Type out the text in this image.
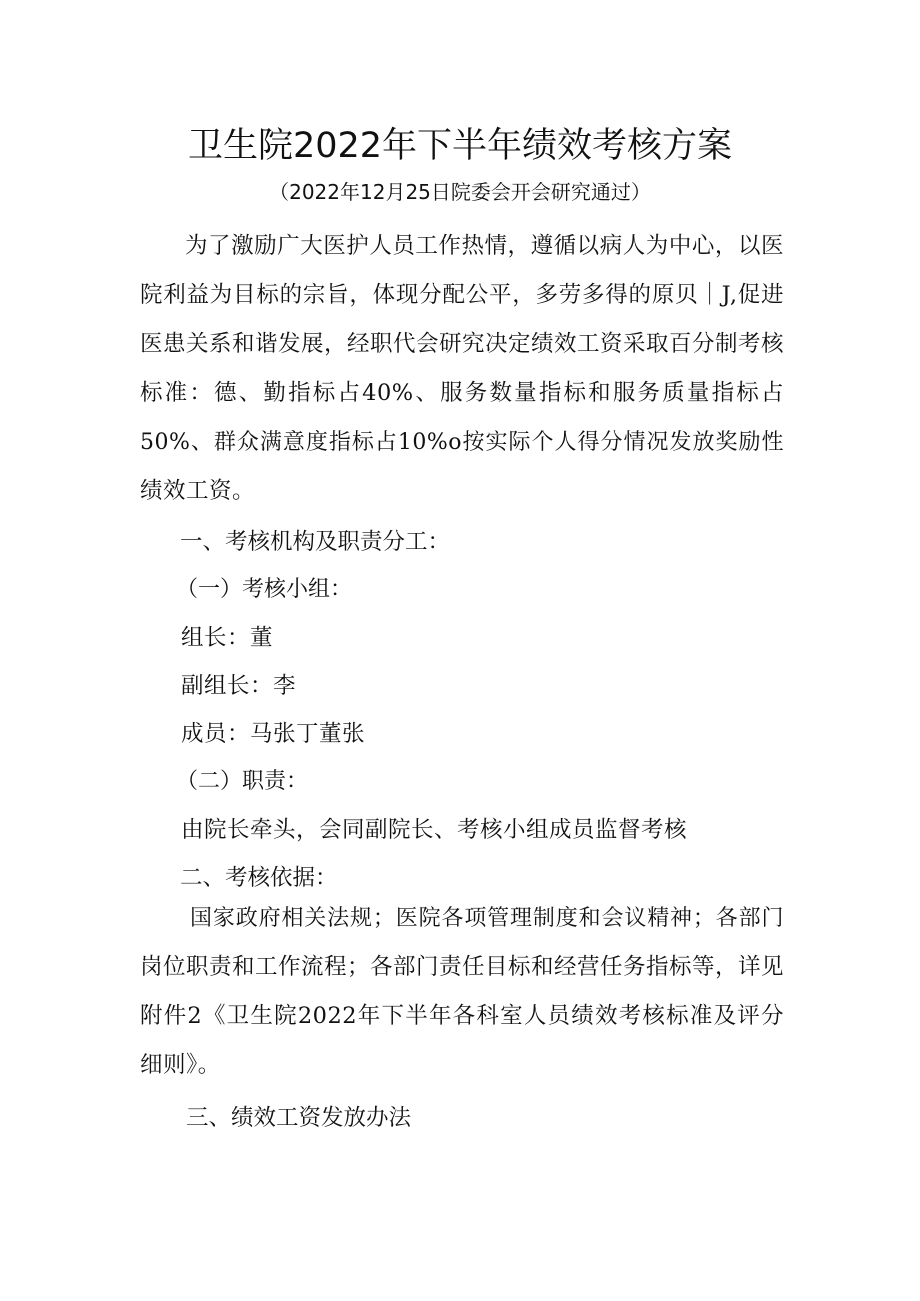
卫生院2022年下半年绩效考核方案
（2022年12月25日院委会开会研究通过）
为了激励广大医护人员工作热情，遵循以病人为中心，以医
院利益为目标的宗旨，体现分配公平，多劳多得的原贝｜J,促进
医患关系和谐发展，经职代会研究决定绩效工资采取百分制考核
标准：德、勤指标占40%、服务数量指标和服务质量指标占
50%、群众满意度指标占10%o按实际个人得分情况发放奖励性
绩效工资。
一、考核机构及职责分工：
（一）考核小组：
组长：董
副组长：李
成员：马张丁董张
（二）职责：
由院长牵头，会同副院长、考核小组成员监督考核
二、考核依据：
国家政府相关法规；医院各项管理制度和会议精神；各部门
岗位职责和工作流程；各部门责任目标和经营任务指标等，详见
附件2《卫生院2022年下半年各科室人员绩效考核标准及评分
细则》。
三、绩效工资发放办法
